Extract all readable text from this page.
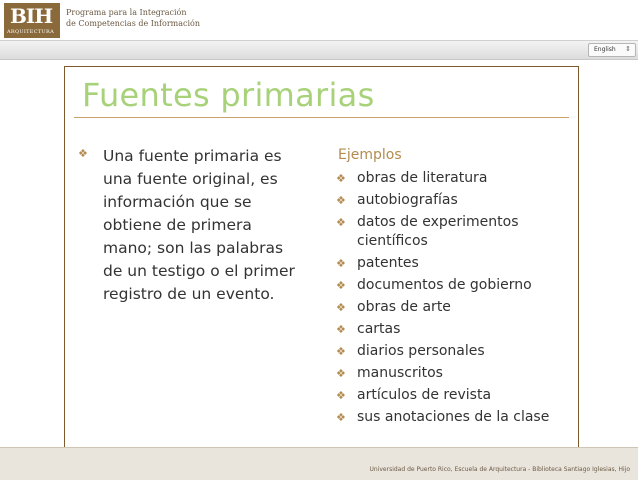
BIH
ARQUITECTURA
Programa para la Integración
de Competencias de Información
English ⇕
Fuentes primarias
❖ Una fuente primaria es una fuente original, es información que se obtiene de primera mano; son las palabras de un testigo o el primer registro de un evento.
Ejemplos
❖ obras de literatura
❖ autobiografías
❖ datos de experimentos científicos
❖ patentes
❖ documentos de gobierno
❖ obras de arte
❖ cartas
❖ diarios personales
❖ manuscritos
❖ artículos de revista
❖ sus anotaciones de la clase
Universidad de Puerto Rico, Escuela de Arquitectura - Biblioteca Santiago Iglesias, Hijo
